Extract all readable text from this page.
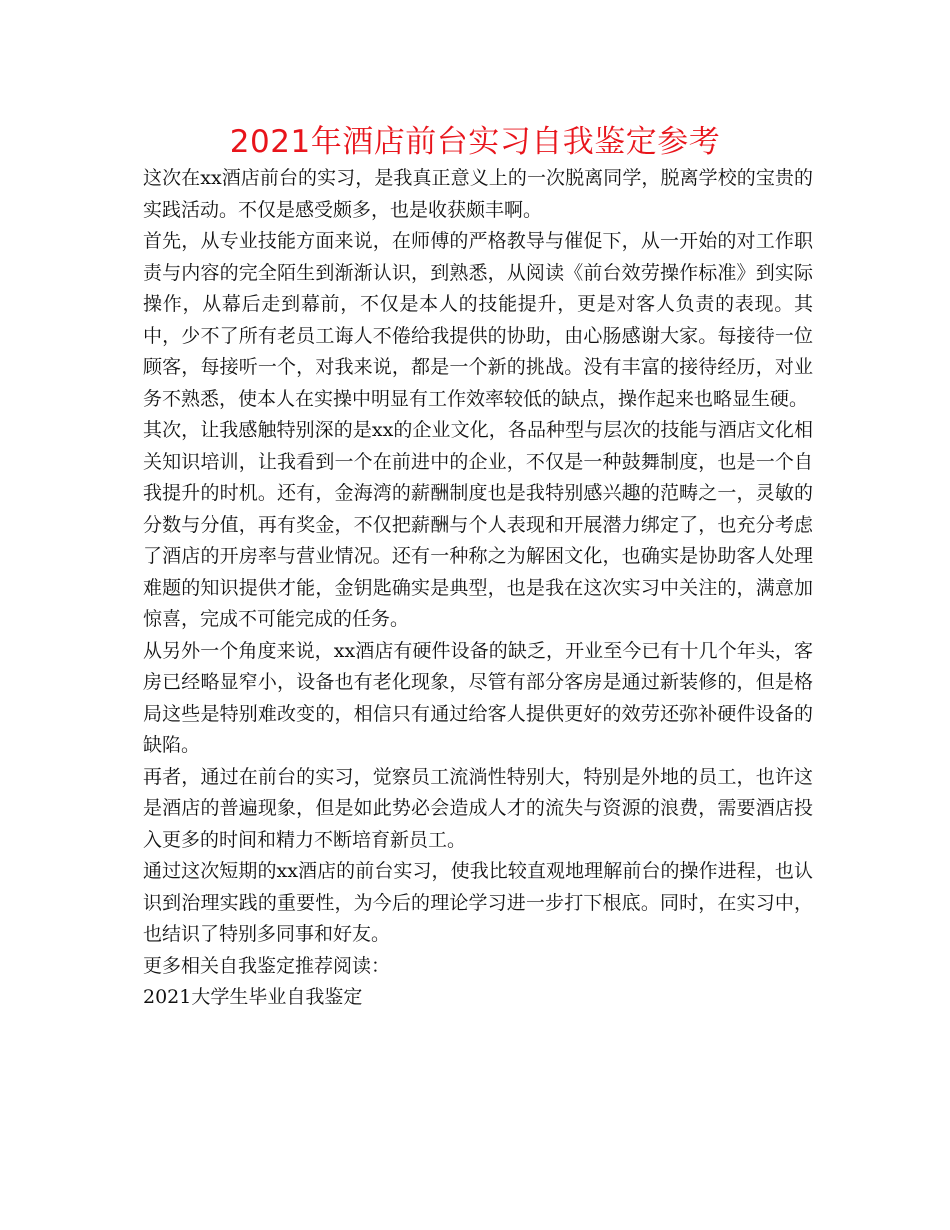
2021年酒店前台实习自我鉴定参考

这次在xx酒店前台的实习，是我真正意义上的一次脱离同学，脱离学校的宝贵的实践活动。不仅是感受颇多，也是收获颇丰啊。

首先，从专业技能方面来说，在师傅的严格教导与催促下，从一开始的对工作职责与内容的完全陌生到渐渐认识，到熟悉，从阅读《前台效劳操作标准》到实际操作，从幕后走到幕前，不仅是本人的技能提升，更是对客人负责的表现。其中，少不了所有老员工诲人不倦给我提供的协助，由心肠感谢大家。每接待一位顾客，每接听一个，对我来说，都是一个新的挑战。没有丰富的接待经历，对业务不熟悉，使本人在实操中明显有工作效率较低的缺点，操作起来也略显生硬。

其次，让我感触特别深的是xx的企业文化，各品种型与层次的技能与酒店文化相关知识培训，让我看到一个在前进中的企业，不仅是一种鼓舞制度，也是一个自我提升的时机。还有，金海湾的薪酬制度也是我特别感兴趣的范畴之一，灵敏的分数与分值，再有奖金，不仅把薪酬与个人表现和开展潜力绑定了，也充分考虑了酒店的开房率与营业情况。还有一种称之为解困文化，也确实是协助客人处理难题的知识提供才能，金钥匙确实是典型，也是我在这次实习中关注的，满意加惊喜，完成不可能完成的任务。

从另外一个角度来说，xx酒店有硬件设备的缺乏，开业至今已有十几个年头，客房已经略显窄小，设备也有老化现象，尽管有部分客房是通过新装修的，但是格局这些是特别难改变的，相信只有通过给客人提供更好的效劳还弥补硬件设备的缺陷。

再者，通过在前台的实习，觉察员工流淌性特别大，特别是外地的员工，也许这是酒店的普遍现象，但是如此势必会造成人才的流失与资源的浪费，需要酒店投入更多的时间和精力不断培育新员工。

通过这次短期的xx酒店的前台实习，使我比较直观地理解前台的操作进程，也认识到治理实践的重要性，为今后的理论学习进一步打下根底。同时，在实习中，也结识了特别多同事和好友。

更多相关自我鉴定推荐阅读：

2021大学生毕业自我鉴定
